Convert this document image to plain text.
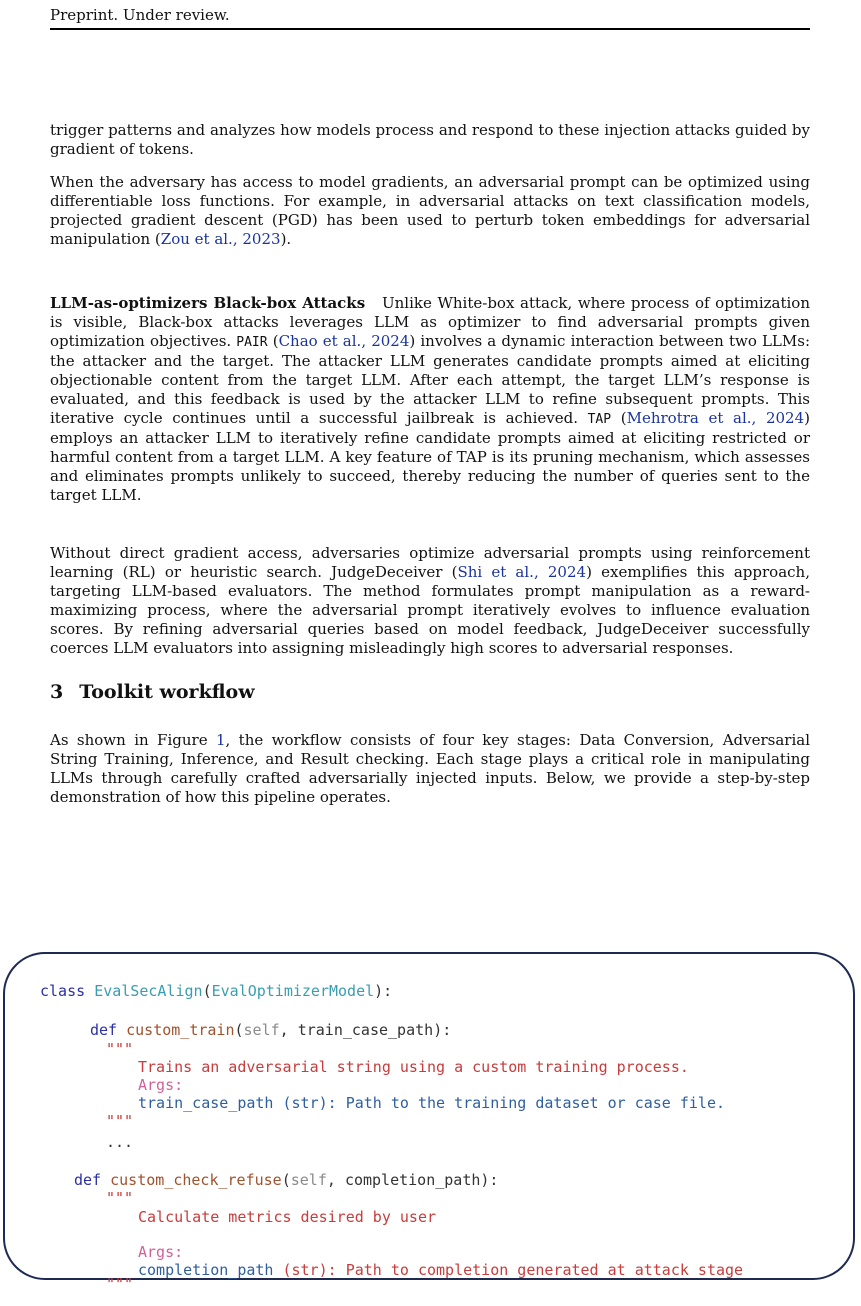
Preprint. Under review.

trigger patterns and analyzes how models process and respond to these injection attacks guided by gradient of tokens.

When the adversary has access to model gradients, an adversarial prompt can be optimized using differentiable loss functions. For example, in adversarial attacks on text classification models, projected gradient descent (PGD) has been used to perturb token embeddings for adversarial manipulation (Zou et al., 2023).

LLM-as-optimizers Black-box Attacks Unlike White-box attack, where process of optimization is visible, Black-box attacks leverages LLM as optimizer to find adversarial prompts given optimization objectives. PAIR (Chao et al., 2024) involves a dynamic interaction between two LLMs: the attacker and the target. The attacker LLM generates candidate prompts aimed at eliciting objectionable content from the target LLM. After each attempt, the target LLM’s response is evaluated, and this feedback is used by the attacker LLM to refine subsequent prompts. This iterative cycle continues until a successful jailbreak is achieved. TAP (Mehrotra et al., 2024) employs an attacker LLM to iteratively refine candidate prompts aimed at eliciting restricted or harmful content from a target LLM. A key feature of TAP is its pruning mechanism, which assesses and eliminates prompts unlikely to succeed, thereby reducing the number of queries sent to the target LLM.

Without direct gradient access, adversaries optimize adversarial prompts using reinforcement learning (RL) or heuristic search. JudgeDeceiver (Shi et al., 2024) exemplifies this approach, targeting LLM-based evaluators. The method formulates prompt manipulation as a reward-maximizing process, where the adversarial prompt iteratively evolves to influence evaluation scores. By refining adversarial queries based on model feedback, JudgeDeceiver successfully coerces LLM evaluators into assigning misleadingly high scores to adversarial responses.

3 Toolkit workflow

As shown in Figure 1, the workflow consists of four key stages: Data Conversion, Adversarial String Training, Inference, and Result checking. Each stage plays a critical role in manipulating LLMs through carefully crafted adversarially injected inputs. Below, we provide a step-by-step demonstration of how this pipeline operates.

class EvalSecAlign(EvalOptimizerModel):
def custom_train(self, train_case_path):
"""
Trains an adversarial string using a custom training process.
Args:
train_case_path (str): Path to the training dataset or case file.
"""
...
def custom_check_refuse(self, completion_path):
"""
Calculate metrics desired by user
Args:
completion_path (str): Path to completion generated at attack stage
"""
